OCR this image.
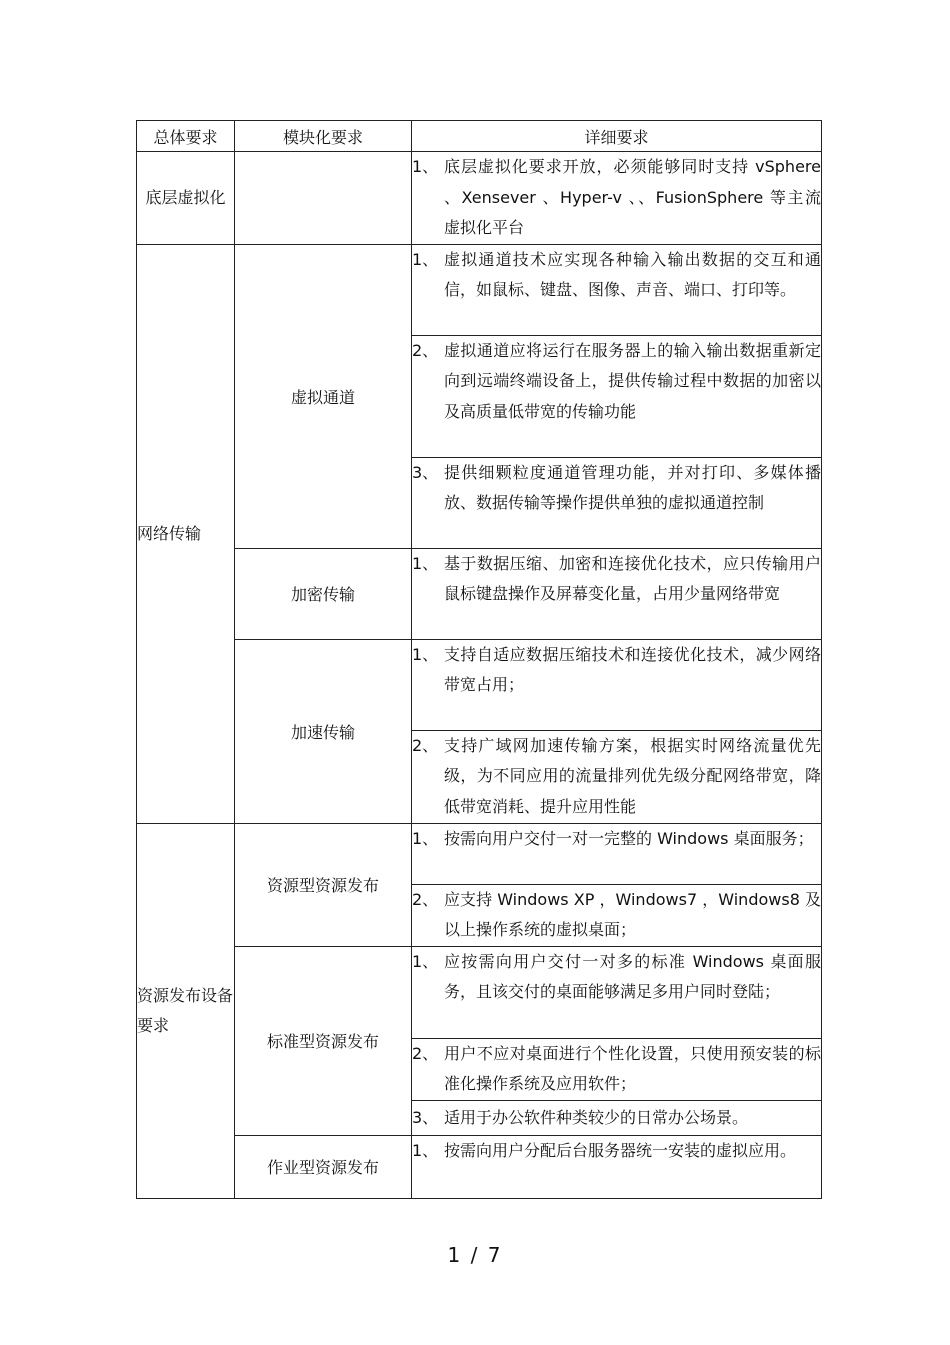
总体要求	模块化要求	详细要求
底层虚拟化		1、 底层虚拟化要求开放，必须能够同时支持 vSphere 、Xensever 、Hyper-v 、、FusionSphere 等主流虚拟化平台

网络传输	虚拟通道	1、 虚拟通道技术应实现各种输入输出数据的交互和通信，如鼠标、键盘、图像、声音、端口、打印等。

		2、 虚拟通道应将运行在服务器上的输入输出数据重新定向到远端终端设备上，提供传输过程中数据的加密以及高质量低带宽的传输功能

		3、 提供细颗粒度通道管理功能，并对打印、多媒体播放、数据传输等操作提供单独的虚拟通道控制

	加密传输	1、 基于数据压缩、加密和连接优化技术，应只传输用户鼠标键盘操作及屏幕变化量，占用少量网络带宽

	加速传输	1、 支持自适应数据压缩技术和连接优化技术，减少网络带宽占用；

		2、 支持广域网加速传输方案，根据实时网络流量优先级，为不同应用的流量排列优先级分配网络带宽，降低带宽消耗、提升应用性能

资源发布设备要求	资源型资源发布	1、 按需向用户交付一对一完整的 Windows 桌面服务；

		2、 应支持 Windows XP ，Windows7 ，Windows8 及以上操作系统的虚拟桌面；

	标准型资源发布	1、 应按需向用户交付一对多的标准 Windows 桌面服务，且该交付的桌面能够满足多用户同时登陆；

		2、 用户不应对桌面进行个性化设置，只使用预安装的标准化操作系统及应用软件；

		3、 适用于办公软件种类较少的日常办公场景。

	作业型资源发布	1、 按需向用户分配后台服务器统一安装的虚拟应用。
1 / 7
